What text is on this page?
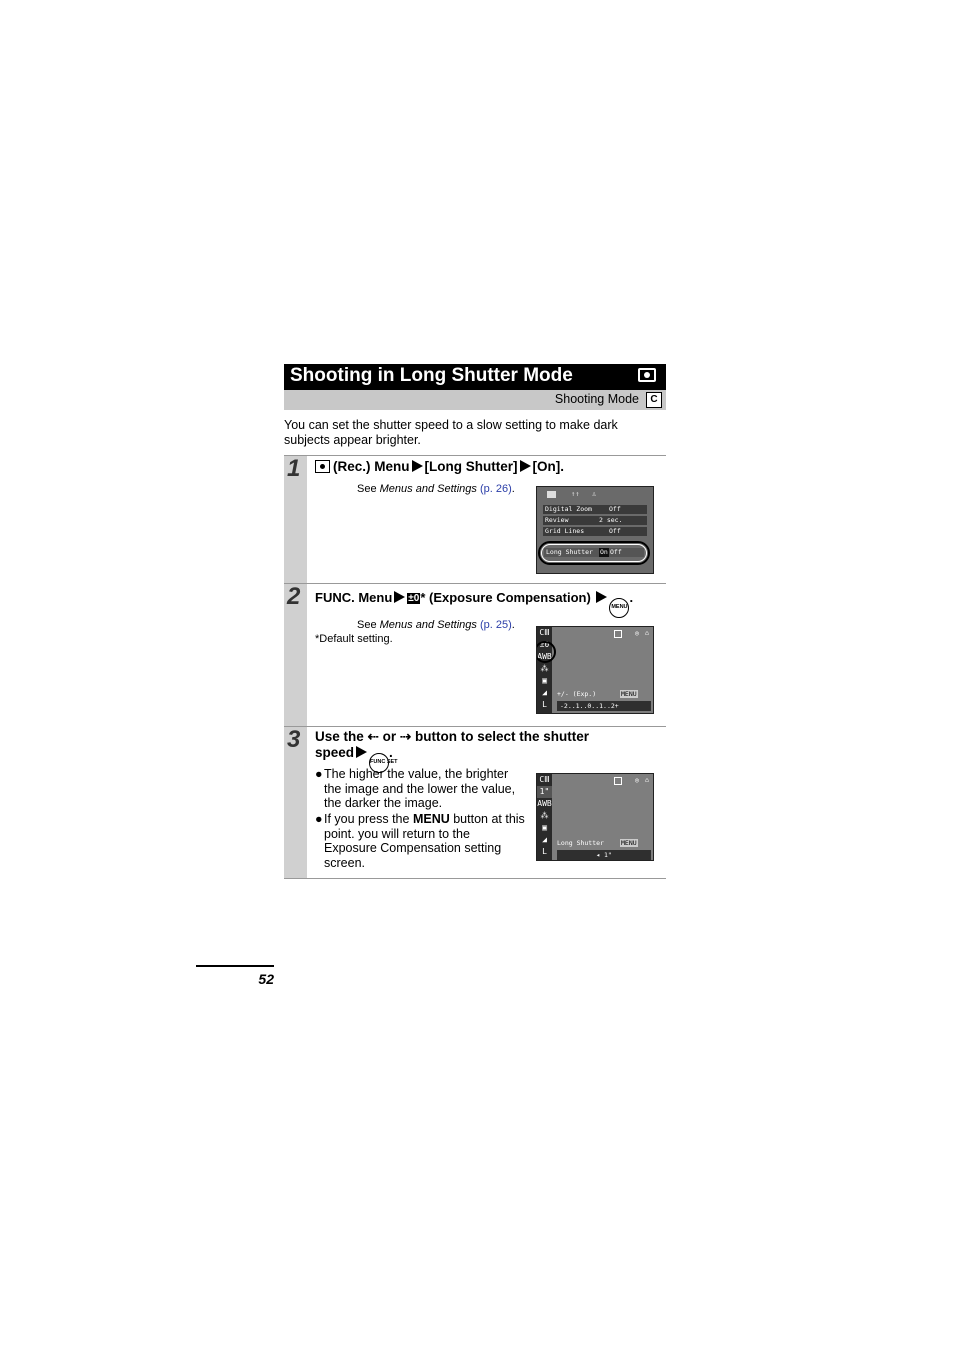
Shooting in Long Shutter Mode
Shooting Mode	C
You can set the shutter speed to a slow setting to make dark subjects appear brighter.
1	(Rec.) Menu [Long Shutter] [On].
See Menus and Settings (p. 26).	↑↑ ♙
Digital Zoom	Off
Review	2 sec.
Grid Lines	Off
Long Shutter On Off
2 FUNC. Menu ±0* (Exposure Compensation) MENU.
See Menus and Settings (p. 25).
*Default setting.
CⅢ
±0
AWB
⁂
▣
◢
L
◎ ⌂
+/- (Exp.)	MENU
-2..1..0..1..2+
3 Use the ⇠ or ⇢ button to select the shutter
speedFUNC SET.
● The higher the value, the brighter the image and the lower the value, the darker the image.
● If you press the MENU button at this point. you will return to the Exposure Compensation setting screen.
CⅢ
1"
AWB
⁂
▣
◢
L
◎ ⌂
Long Shutter	MENU
◂ 1"
52
